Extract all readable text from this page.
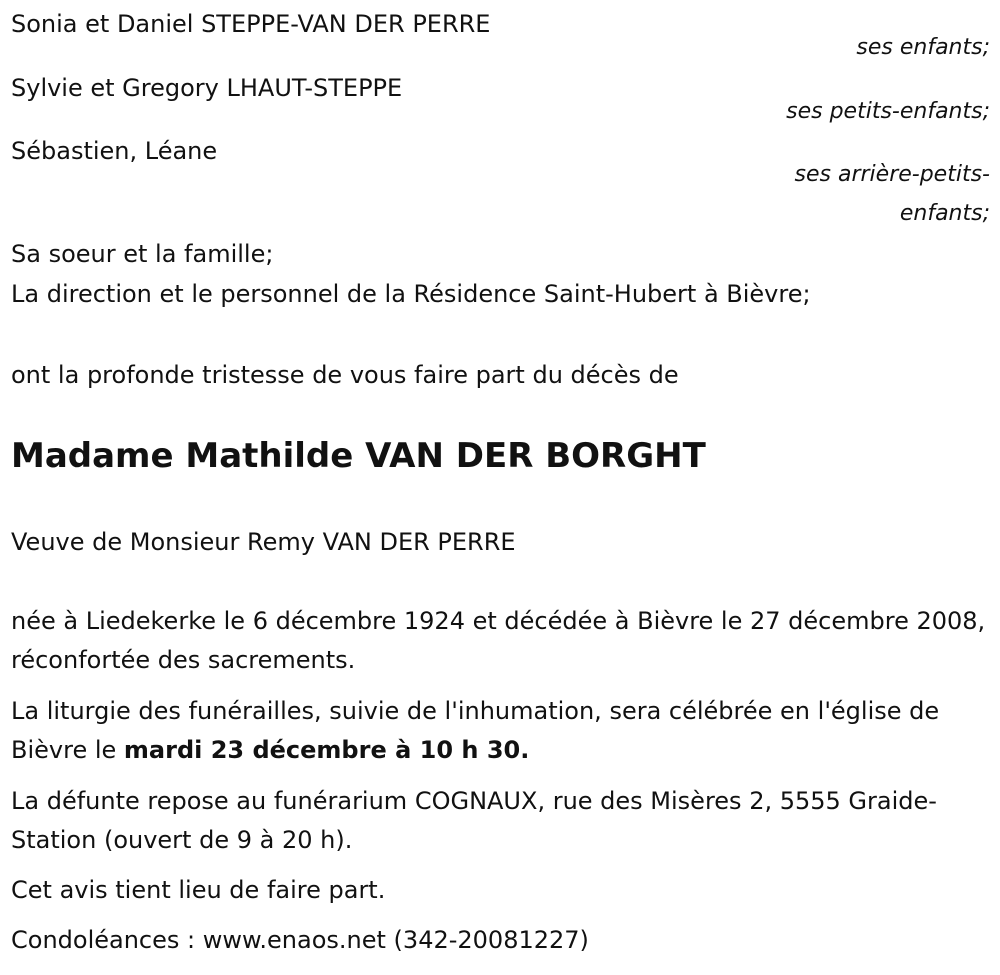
Sonia et Daniel STEPPE-VAN DER PERRE
ses enfants;
Sylvie et Gregory LHAUT-STEPPE
ses petits-enfants;
Sébastien, Léane
ses arrière-petits-
enfants;
Sa soeur et la famille;
La direction et le personnel de la Résidence Saint-Hubert à Bièvre;
ont la profonde tristesse de vous faire part du décès de
Madame Mathilde VAN DER BORGHT
Veuve de Monsieur Remy VAN DER PERRE
née à Liedekerke le 6 décembre 1924 et décédée à Bièvre le 27 décembre 2008, réconfortée des sacrements.
La liturgie des funérailles, suivie de l'inhumation, sera célébrée en l'église de Bièvre le mardi 23 décembre à 10 h 30.
La défunte repose au funérarium COGNAUX, rue des Misères 2, 5555 Graide-Station (ouvert de 9 à 20 h).
Cet avis tient lieu de faire part.
Condoléances : www.enaos.net (342-20081227)
